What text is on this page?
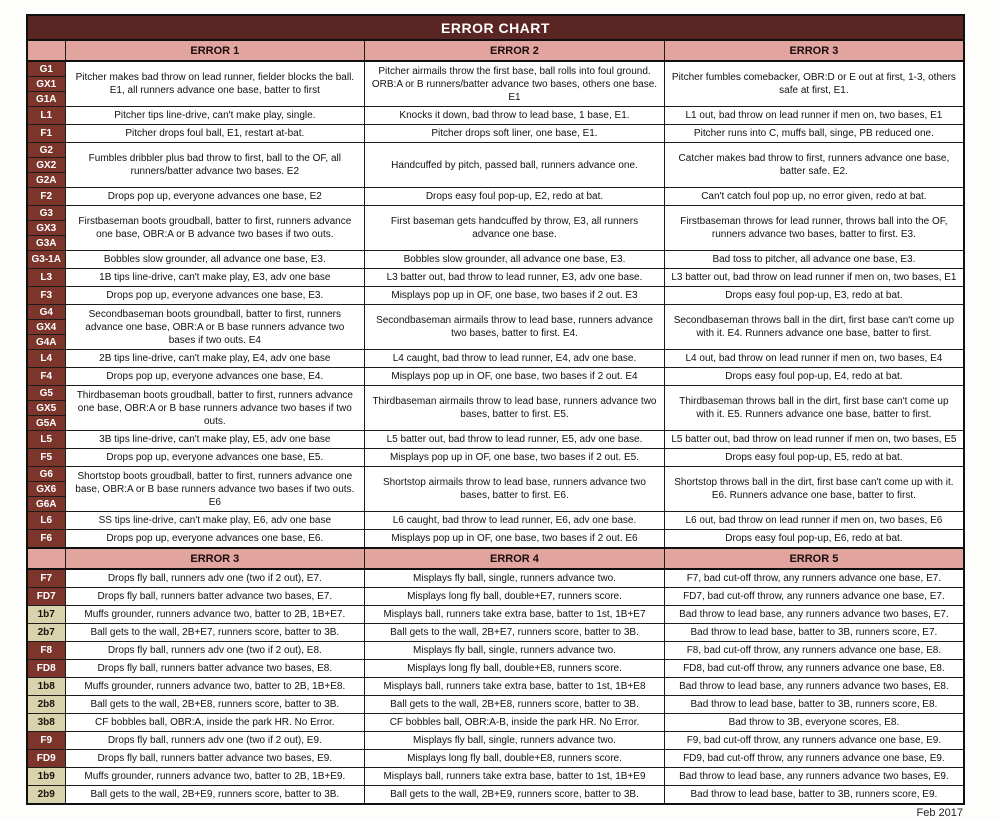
ERROR CHART			
	ERROR 1	ERROR 2	ERROR 3

G1
GX1
G1A	Pitcher makes bad throw on lead runner, fielder blocks the ball. E1, all runners advance one base, batter to first	Pitcher airmails throw the first base, ball rolls into foul ground. ORB:A or B runners/batter advance two bases, others one base. E1	Pitcher fumbles comebacker, OBR:D or E out at first, 1-3, others safe at first, E1.

L1	Pitcher tips line-drive, can't make play, single.	Knocks it down, bad throw to lead base, 1 base, E1.	L1 out, bad throw on lead runner if men on, two bases, E1

F1	Pitcher drops foul ball, E1, restart at-bat.	Pitcher drops soft liner, one base, E1.	Pitcher runs into C, muffs ball, singe, PB reduced one.

G2
GX2
G2A	Fumbles dribbler plus bad throw to first, ball to the OF, all runners/batter advance two bases. E2	Handcuffed by pitch, passed ball, runners advance one.	Catcher makes bad throw to first, runners advance one base, batter safe. E2.

F2	Drops pop up, everyone advances one base, E2	Drops easy foul pop-up, E2, redo at bat.	Can't catch foul pop up, no error given, redo at bat.

G3
GX3
G3A	Firstbaseman boots groudball, batter to first, runners advance one base, OBR:A or B advance two bases if two outs.	First baseman gets handcuffed by throw, E3, all runners advance one base.	Firstbaseman throws for lead runner, throws ball into the OF, runners advance two bases, batter to first. E3.

G3-1A	Bobbles slow grounder, all advance one base, E3.	Bobbles slow grounder, all advance one base, E3.	Bad toss to pitcher, all advance one base, E3.

L3	1B tips line-drive, can't make play, E3, adv one base	L3 batter out, bad throw to lead runner, E3, adv one base.	L3 batter out, bad throw on lead runner if men on, two bases, E1

F3	Drops pop up, everyone advances one base, E3.	Misplays pop up in OF, one base, two bases if 2 out. E3	Drops easy foul pop-up, E3, redo at bat.

G4
GX4
G4A	Secondbaseman boots groundball, batter to first, runners advance one base, OBR:A or B base runners advance two bases if two outs. E4	Secondbaseman airmails throw to lead base, runners advance two bases, batter to first. E4.	Secondbaseman throws ball in the dirt, first base can't come up with it. E4. Runners advance one base, batter to first.

L4	2B tips line-drive, can't make play, E4, adv one base	L4 caught, bad throw to lead runner, E4, adv one base.	L4 out, bad throw on lead runner if men on, two bases, E4

F4	Drops pop up, everyone advances one base, E4.	Misplays pop up in OF, one base, two bases if 2 out. E4	Drops easy foul pop-up, E4, redo at bat.

G5
GX5
G5A	Thirdbaseman boots groudball, batter to first, runners advance one base, OBR:A or B base runners advance two bases if two outs.	Thirdbaseman airmails throw to lead base, runners advance two bases, batter to first. E5.	Thirdbaseman throws ball in the dirt, first base can't come up with it. E5. Runners advance one base, batter to first.

L5	3B tips line-drive, can't make play, E5, adv one base	L5 batter out, bad throw to lead runner, E5, adv one base.	L5 batter out, bad throw on lead runner if men on, two bases, E5

F5	Drops pop up, everyone advances one base, E5.	Misplays pop up in OF, one base, two bases if 2 out. E5.	Drops easy foul pop-up, E5, redo at bat.

G6
GX6
G6A	Shortstop boots groudball, batter to first, runners advance one base, OBR:A or B base runners advance two bases if two outs. E6	Shortstop airmails throw to lead base, runners advance two bases, batter to first. E6.	Shortstop throws ball in the dirt, first base can't come up with it. E6. Runners advance one base, batter to first.

L6	SS tips line-drive, can't make play, E6, adv one base	L6 caught, bad throw to lead runner, E6, adv one base.	L6 out, bad throw on lead runner if men on, two bases, E6

F6	Drops pop up, everyone advances one base, E6.	Misplays pop up in OF, one base, two bases if 2 out. E6	Drops easy foul pop-up, E6, redo at bat.
	ERROR 3	ERROR 4	ERROR 5

F7	Drops fly ball, runners adv one (two if 2 out), E7.	Misplays fly ball, single, runners advance two.	F7, bad cut-off throw, any runners advance one base, E7.

FD7	Drops fly ball, runners batter advance two bases, E7.	Misplays long fly ball, double+E7, runners score.	FD7, bad cut-off throw, any runners advance one base, E7.

1b7	Muffs grounder, runners advance two, batter to 2B, 1B+E7.	Misplays ball, runners take extra base, batter to 1st, 1B+E7	Bad throw to lead base, any runners advance two bases, E7.

2b7	Ball gets to the wall, 2B+E7, runners score, batter to 3B.	Ball gets to the wall, 2B+E7, runners score, batter to 3B.	Bad throw to lead base, batter to 3B, runners score, E7.

F8	Drops fly ball, runners adv one (two if 2 out), E8.	Misplays fly ball, single, runners advance two.	F8, bad cut-off throw, any runners advance one base, E8.

FD8	Drops fly ball, runners batter advance two bases, E8.	Misplays long fly ball, double+E8, runners score.	FD8, bad cut-off throw, any runners advance one base, E8.

1b8	Muffs grounder, runners advance two, batter to 2B, 1B+E8.	Misplays ball, runners take extra base, batter to 1st, 1B+E8	Bad throw to lead base, any runners advance two bases, E8.

2b8	Ball gets to the wall, 2B+E8, runners score, batter to 3B.	Ball gets to the wall, 2B+E8, runners score, batter to 3B.	Bad throw to lead base, batter to 3B, runners score, E8.

3b8	CF bobbles ball, OBR:A, inside the park HR. No Error.	CF bobbles ball, OBR:A-B, inside the park HR. No Error.	Bad throw to 3B, everyone scores, E8.

F9	Drops fly ball, runners adv one (two if 2 out), E9.	Misplays fly ball, single, runners advance two.	F9, bad cut-off throw, any runners advance one base, E9.

FD9	Drops fly ball, runners batter advance two bases, E9.	Misplays long fly ball, double+E8, runners score.	FD9, bad cut-off throw, any runners advance one base, E9.

1b9	Muffs grounder, runners advance two, batter to 2B, 1B+E9.	Misplays ball, runners take extra base, batter to 1st, 1B+E9	Bad throw to lead base, any runners advance two bases, E9.

2b9	Ball gets to the wall, 2B+E9, runners score, batter to 3B.	Ball gets to the wall, 2B+E9, runners score, batter to 3B.	Bad throw to lead base, batter to 3B, runners score, E9.
Feb 2017
